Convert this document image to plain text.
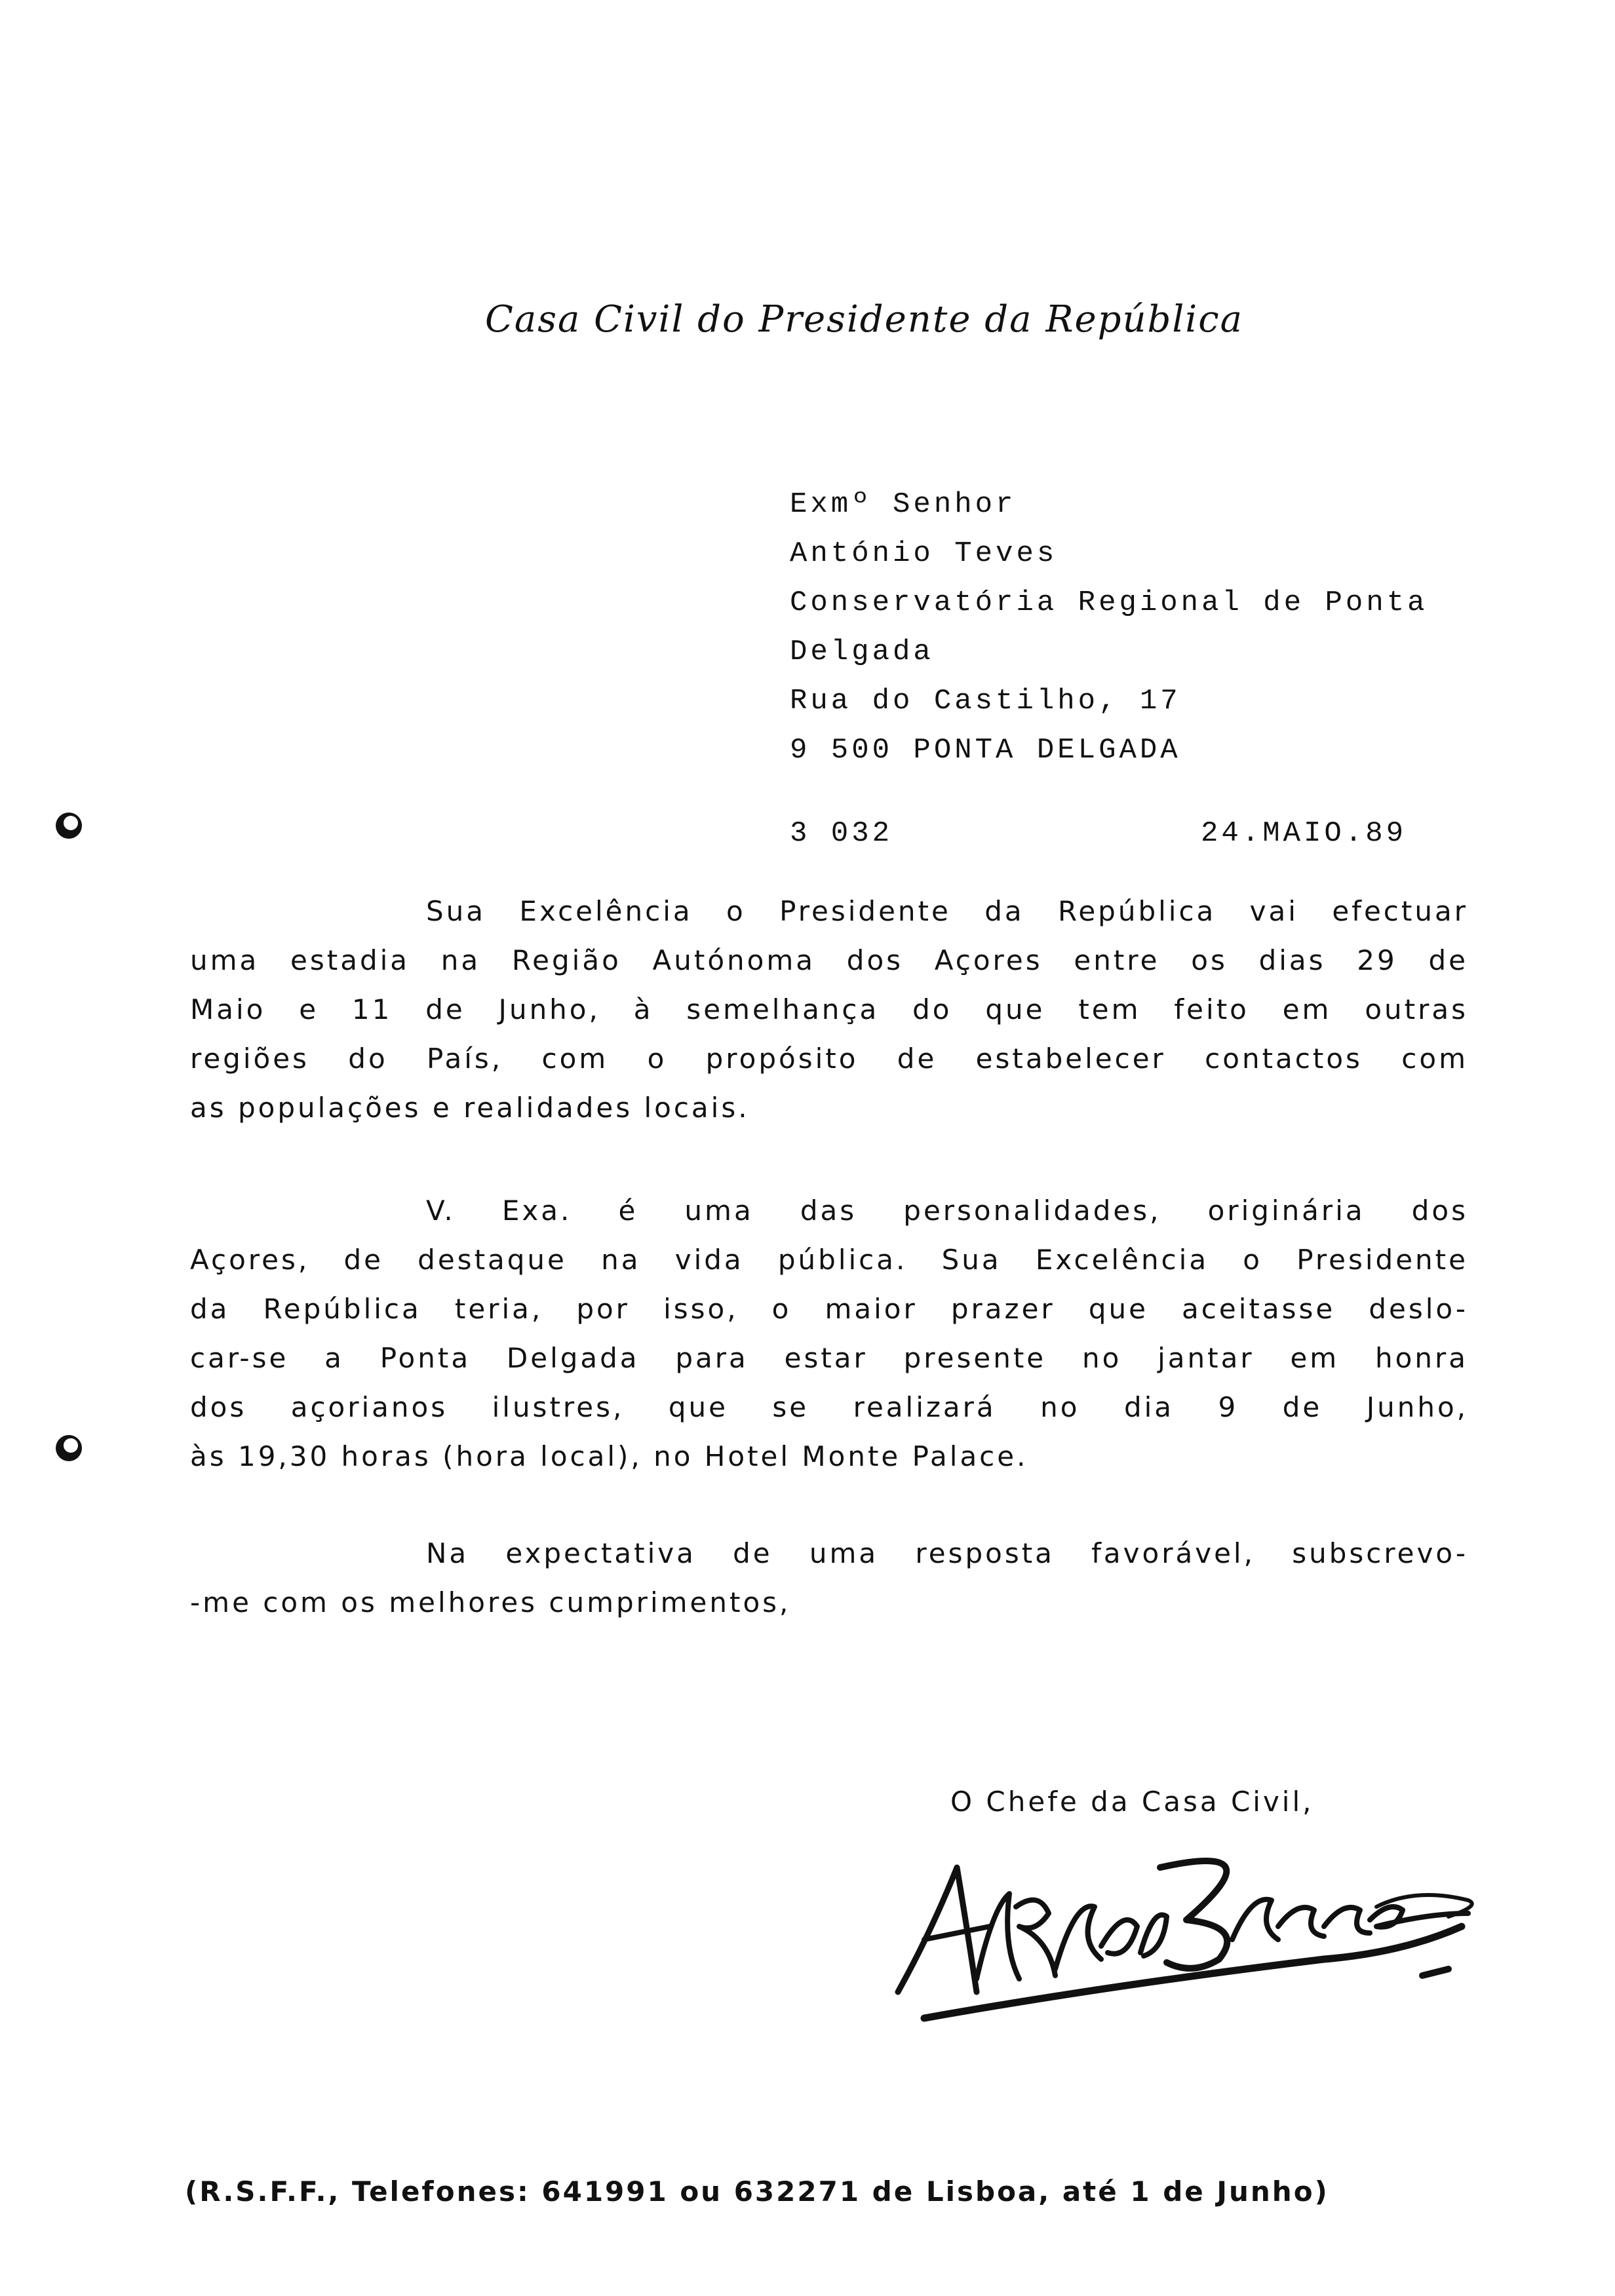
Casa Civil do Presidente da República
Exmº Senhor
António Teves
Conservatória Regional de Ponta
Delgada
Rua do Castilho, 17
9 500 PONTA DELGADA
3 032	24.MAIO.89
Sua Excelência o Presidente da República vai efectuar
uma estadia na Região Autónoma dos Açores entre os dias 29 de
Maio e 11 de Junho, à semelhança do que tem feito em outras
regiões do País, com o propósito de estabelecer contactos com
as populações e realidades locais.
V. Exa. é uma das personalidades, originária dos
Açores, de destaque na vida pública. Sua Excelência o Presidente
da República teria, por isso, o maior prazer que aceitasse deslo-
car-se a Ponta Delgada para estar presente no jantar em honra
dos açorianos ilustres, que se realizará no dia 9 de Junho,
às 19,30 horas (hora local), no Hotel Monte Palace.
Na expectativa de uma resposta favorável, subscrevo-
-me com os melhores cumprimentos,
O Chefe da Casa Civil,
(R.S.F.F., Telefones: 641991 ou 632271 de Lisboa, até 1 de Junho)
